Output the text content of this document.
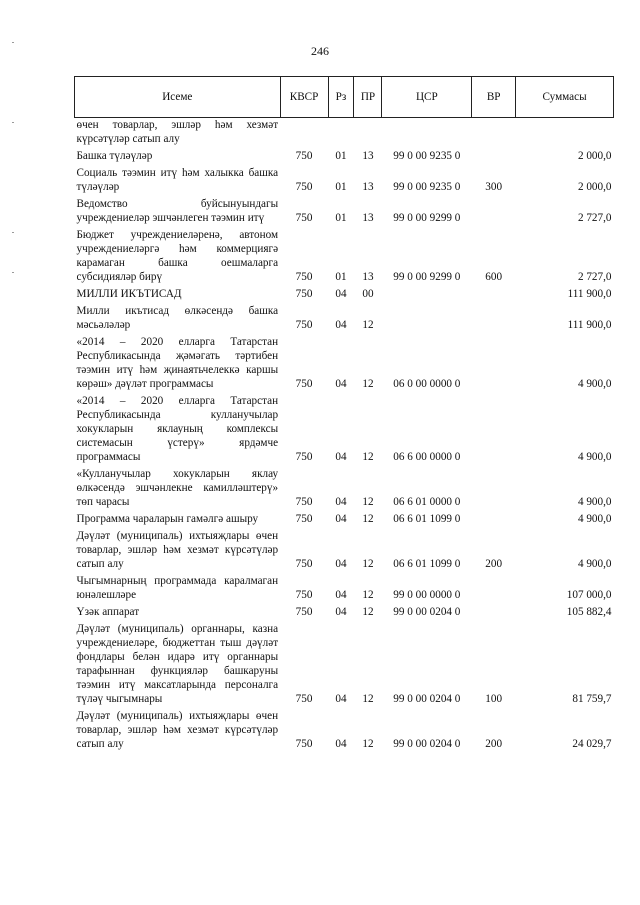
246
Исеме	КВСР	Рз	ПР	ЦСР	ВР	Суммасы
өчен товарлар, эшләр һәм хезмәт күрсәтүләр сатып алу						
Башка түләүләр	750	01	13	99 0 00 9235 0		2 000,0
Социаль тәэмин итү һәм халыкка башка түләүләр	750	01	13	99 0 00 9235 0	300	2 000,0
Ведомство буйсынуындагы учреждениеләр эшчәнлеген тәэмин итү	750	01	13	99 0 00 9299 0		2 727,0
Бюджет учреждениеләренә, автоном учреждениеләргә һәм коммерциягә карамаган башка оешмаларга субсидияләр бирү	750	01	13	99 0 00 9299 0	600	2 727,0
МИЛЛИ ИКЪТИСАД	750	04	00			111 900,0
Милли икътисад өлкәсендә башка мәсьәләләр	750	04	12			111 900,0
«2014 – 2020 елларга Татарстан Республикасында җәмәгать тәртибен тәэмин итү һәм җинаятьчелеккә каршы көрәш» дәүләт программасы	750	04	12	06 0 00 0000 0		4 900,0
«2014 – 2020 елларга Татарстан Республикасында кулланучылар хокукларын яклауның комплексы системасын үстерү» ярдәмче программасы	750	04	12	06 6 00 0000 0		4 900,0
«Кулланучылар хокукларын яклау өлкәсендә эшчәнлекне камилләштерү» төп чарасы	750	04	12	06 6 01 0000 0		4 900,0
Программа чараларын гамәлгә ашыру	750	04	12	06 6 01 1099 0		4 900,0
Дәүләт (муниципаль) ихтыяҗлары өчен товарлар, эшләр һәм хезмәт күрсәтүләр сатып алу	750	04	12	06 6 01 1099 0	200	4 900,0
Чыгымнарның программада каралмаган юнәлешләре	750	04	12	99 0 00 0000 0		107 000,0
Үзәк аппарат	750	04	12	99 0 00 0204 0		105 882,4
Дәүләт (муниципаль) органнары, казна учреждениеләре, бюджеттан тыш дәүләт фондлары белән идарә итү органнары тарафыннан функцияләр башкаруны тәэмин итү максатларында персоналга түләү чыгымнары	750	04	12	99 0 00 0204 0	100	81 759,7
Дәүләт (муниципаль) ихтыяҗлары өчен товарлар, эшләр һәм хезмәт күрсәтүләр сатып алу	750	04	12	99 0 00 0204 0	200	24 029,7
